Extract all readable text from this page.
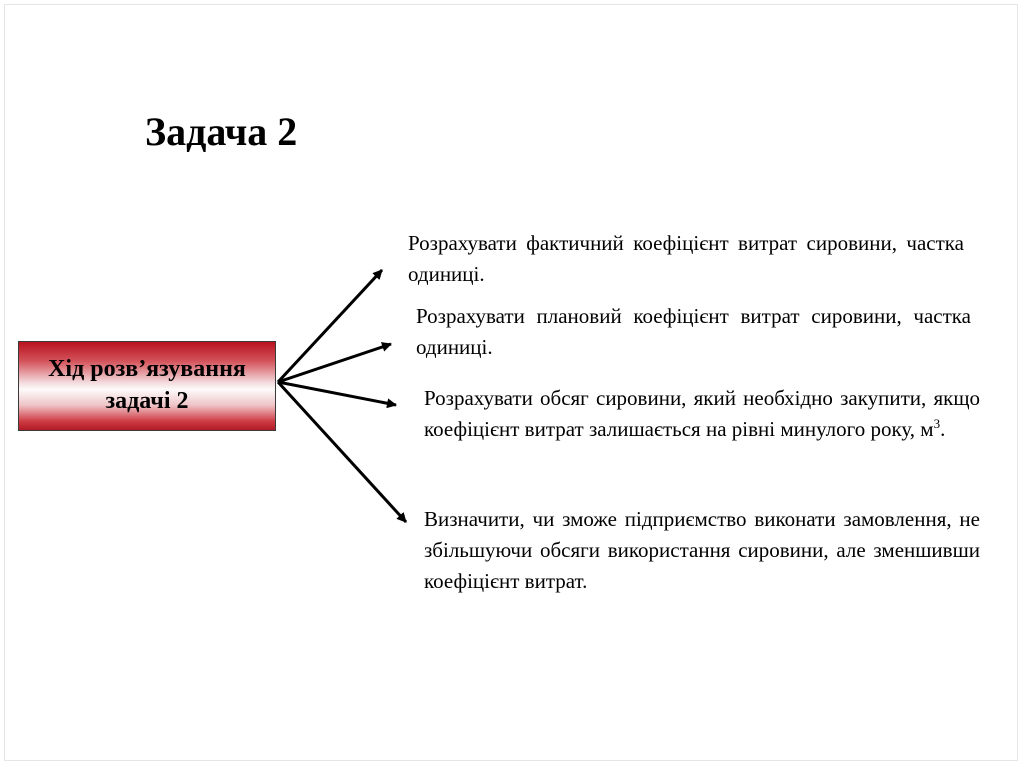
Задача 2
Хід розв’язування
задачі 2

Розрахувати фактичний коефіцієнт витрат сировини, частка одиниці.

Розрахувати плановий коефіцієнт витрат сировини, частка одиниці.

Розрахувати обсяг сировини, який необхідно закупити, якщо коефіцієнт витрат залишається на рівні минулого року, $м^3$.

Визначити, чи зможе підприємство виконати замовлення, не збільшуючи обсяги використання сировини, але зменшивши коефіцієнт витрат.
